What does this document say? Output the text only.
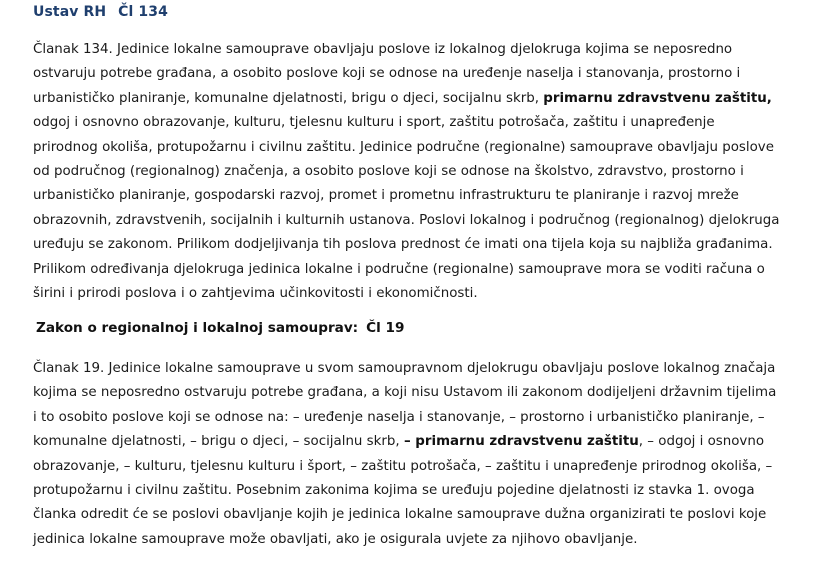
Ustav RH Čl 134
Članak 134. Jedinice lokalne samouprave obavljaju poslove iz lokalnog djelokruga kojima se neposredno
ostvaruju potrebe građana, a osobito poslove koji se odnose na uređenje naselja i stanovanja, prostorno i
urbanističko planiranje, komunalne djelatnosti, brigu o djeci, socijalnu skrb, primarnu zdravstvenu zaštitu,
odgoj i osnovno obrazovanje, kulturu, tjelesnu kulturu i sport, zaštitu potrošača, zaštitu i unapređenje
prirodnog okoliša, protupožarnu i civilnu zaštitu. Jedinice područne (regionalne) samouprave obavljaju poslove
od područnog (regionalnog) značenja, a osobito poslove koji se odnose na školstvo, zdravstvo, prostorno i
urbanističko planiranje, gospodarski razvoj, promet i prometnu infrastrukturu te planiranje i razvoj mreže
obrazovnih, zdravstvenih, socijalnih i kulturnih ustanova. Poslovi lokalnog i područnog (regionalnog) djelokruga
uređuju se zakonom. Prilikom dodjeljivanja tih poslova prednost će imati ona tijela koja su najbliža građanima.
Prilikom određivanja djelokruga jedinica lokalne i područne (regionalne) samouprave mora se voditi računa o
širini i prirodi poslova i o zahtjevima učinkovitosti i ekonomičnosti.
Zakon o regionalnoj i lokalnoj samouprav: Čl 19
Članak 19. Jedinice lokalne samouprave u svom samoupravnom djelokrugu obavljaju poslove lokalnog značaja
kojima se neposredno ostvaruju potrebe građana, a koji nisu Ustavom ili zakonom dodijeljeni državnim tijelima
i to osobito poslove koji se odnose na: – uređenje naselja i stanovanje, – prostorno i urbanističko planiranje, –
komunalne djelatnosti, – brigu o djeci, – socijalnu skrb, – primarnu zdravstvenu zaštitu, – odgoj i osnovno
obrazovanje, – kulturu, tjelesnu kulturu i šport, – zaštitu potrošača, – zaštitu i unapređenje prirodnog okoliša, –
protupožarnu i civilnu zaštitu. Posebnim zakonima kojima se uređuju pojedine djelatnosti iz stavka 1. ovoga
članka odredit će se poslovi obavljanje kojih je jedinica lokalne samouprave dužna organizirati te poslovi koje
jedinica lokalne samouprave može obavljati, ako je osigurala uvjete za njihovo obavljanje.
